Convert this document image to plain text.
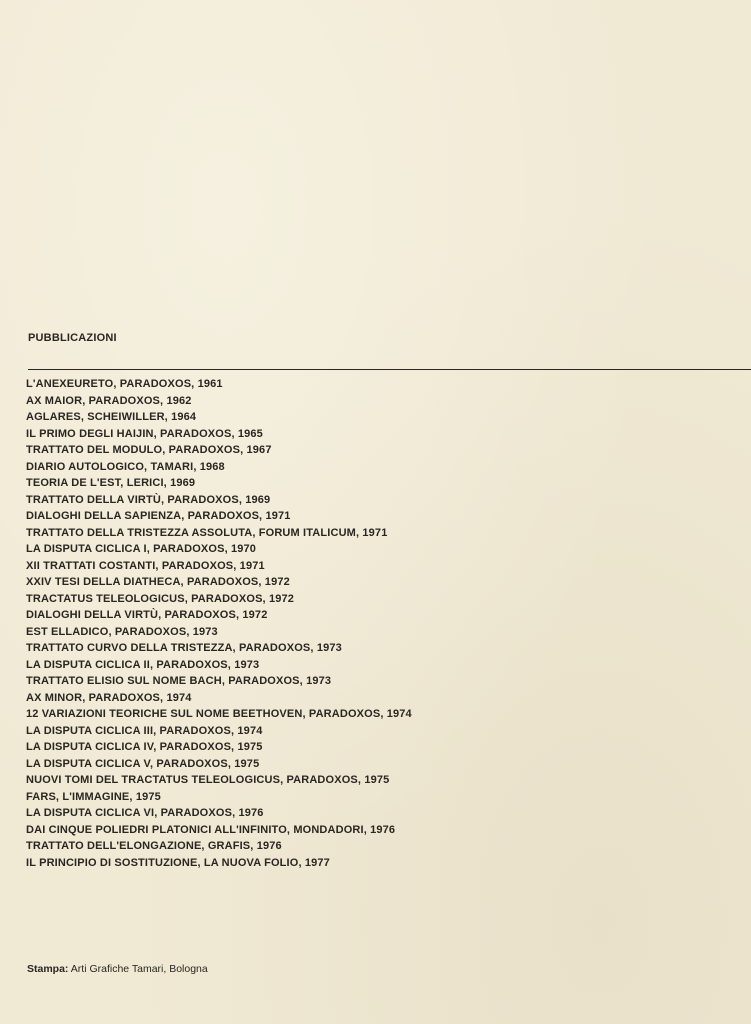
PUBBLICAZIONI
L'ANEXEURETO, PARADOXOS, 1961
AX MAIOR, PARADOXOS, 1962
AGLARES, SCHEIWILLER, 1964
IL PRIMO DEGLI HAIJIN, PARADOXOS, 1965
TRATTATO DEL MODULO, PARADOXOS, 1967
DIARIO AUTOLOGICO, TAMARI, 1968
TEORIA DE L'EST, LERICI, 1969
TRATTATO DELLA VIRTÙ, PARADOXOS, 1969
DIALOGHI DELLA SAPIENZA, PARADOXOS, 1971
TRATTATO DELLA TRISTEZZA ASSOLUTA, FORUM ITALICUM, 1971
LA DISPUTA CICLICA I, PARADOXOS, 1970
XII TRATTATI COSTANTI, PARADOXOS, 1971
XXIV TESI DELLA DIATHECA, PARADOXOS, 1972
TRACTATUS TELEOLOGICUS, PARADOXOS, 1972
DIALOGHI DELLA VIRTÙ, PARADOXOS, 1972
EST ELLADICO, PARADOXOS, 1973
TRATTATO CURVO DELLA TRISTEZZA, PARADOXOS, 1973
LA DISPUTA CICLICA II, PARADOXOS, 1973
TRATTATO ELISIO SUL NOME BACH, PARADOXOS, 1973
AX MINOR, PARADOXOS, 1974
12 VARIAZIONI TEORICHE SUL NOME BEETHOVEN, PARADOXOS, 1974
LA DISPUTA CICLICA III, PARADOXOS, 1974
LA DISPUTA CICLICA IV, PARADOXOS, 1975
LA DISPUTA CICLICA V, PARADOXOS, 1975
NUOVI TOMI DEL TRACTATUS TELEOLOGICUS, PARADOXOS, 1975
FARS, L'IMMAGINE, 1975
LA DISPUTA CICLICA VI, PARADOXOS, 1976
DAI CINQUE POLIEDRI PLATONICI ALL'INFINITO, MONDADORI, 1976
TRATTATO DELL'ELONGAZIONE, GRAFIS, 1976
IL PRINCIPIO DI SOSTITUZIONE, LA NUOVA FOLIO, 1977
Stampa: Arti Grafiche Tamari, Bologna
